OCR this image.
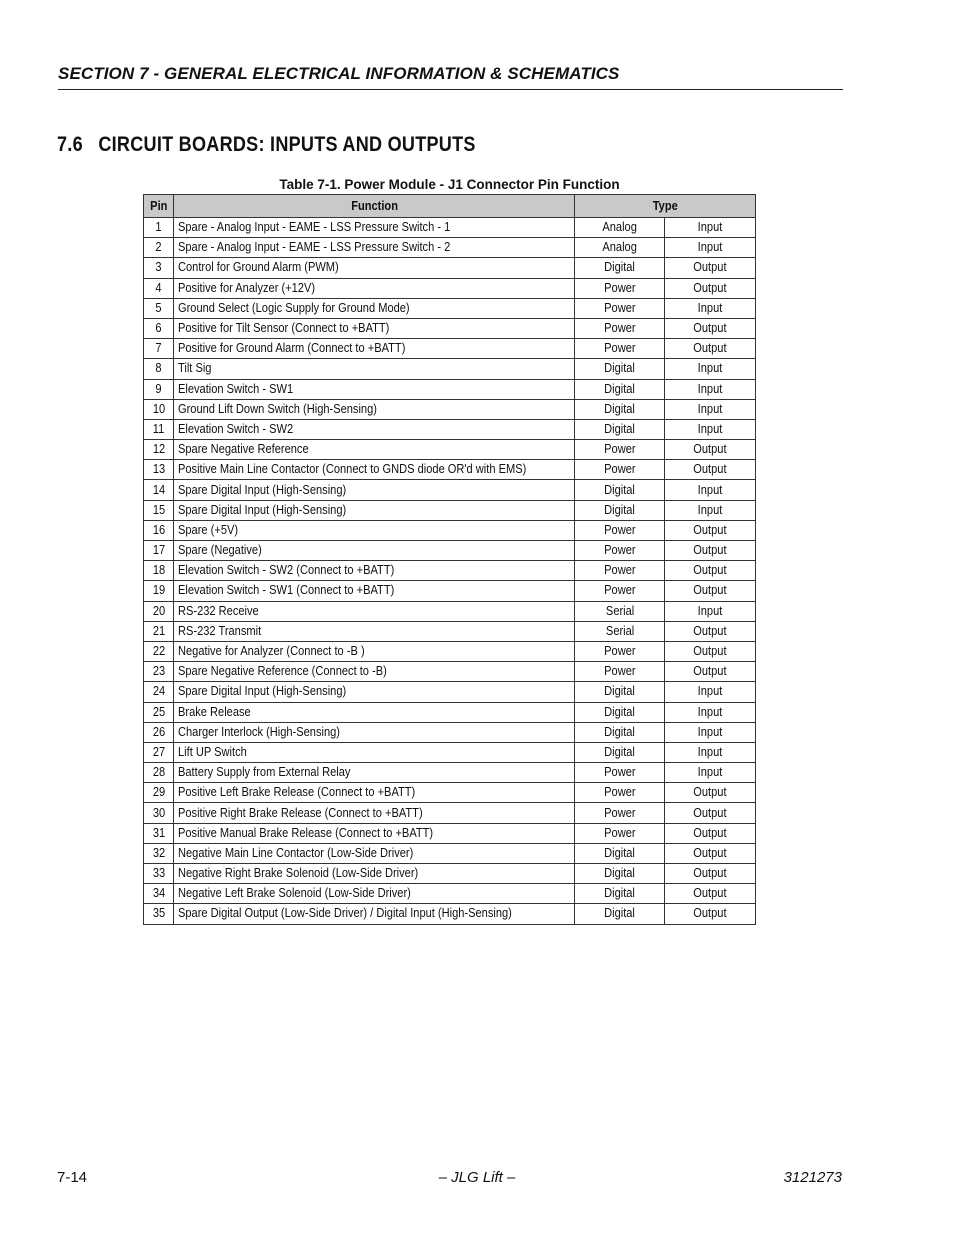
SECTION 7 - GENERAL ELECTRICAL INFORMATION & SCHEMATICS
7.6 CIRCUIT BOARDS: INPUTS AND OUTPUTS
Table 7-1. Power Module - J1 Connector Pin Function
Pin	Function	Type	
1	Spare - Analog Input - EAME - LSS Pressure Switch - 1	Analog	Input
2	Spare - Analog Input - EAME - LSS Pressure Switch - 2	Analog	Input
3	Control for Ground Alarm (PWM)	Digital	Output
4	Positive for Analyzer (+12V)	Power	Output
5	Ground Select (Logic Supply for Ground Mode)	Power	Input
6	Positive for Tilt Sensor (Connect to +BATT)	Power	Output
7	Positive for Ground Alarm (Connect to +BATT)	Power	Output
8	Tilt Sig	Digital	Input
9	Elevation Switch - SW1	Digital	Input
10	Ground Lift Down Switch (High-Sensing)	Digital	Input
11	Elevation Switch - SW2	Digital	Input
12	Spare Negative Reference	Power	Output
13	Positive Main Line Contactor (Connect to GNDS diode OR'd with EMS)	Power	Output
14	Spare Digital Input (High-Sensing)	Digital	Input
15	Spare Digital Input (High-Sensing)	Digital	Input
16	Spare (+5V)	Power	Output
17	Spare (Negative)	Power	Output
18	Elevation Switch - SW2 (Connect to +BATT)	Power	Output
19	Elevation Switch - SW1 (Connect to +BATT)	Power	Output
20	RS-232 Receive	Serial	Input
21	RS-232 Transmit	Serial	Output
22	Negative for Analyzer (Connect to -B )	Power	Output
23	Spare Negative Reference (Connect to -B)	Power	Output
24	Spare Digital Input (High-Sensing)	Digital	Input
25	Brake Release	Digital	Input
26	Charger Interlock (High-Sensing)	Digital	Input
27	Lift UP Switch	Digital	Input
28	Battery Supply from External Relay	Power	Input
29	Positive Left Brake Release (Connect to +BATT)	Power	Output
30	Positive Right Brake Release (Connect to +BATT)	Power	Output
31	Positive Manual Brake Release (Connect to +BATT)	Power	Output
32	Negative Main Line Contactor (Low-Side Driver)	Digital	Output
33	Negative Right Brake Solenoid (Low-Side Driver)	Digital	Output
34	Negative Left Brake Solenoid (Low-Side Driver)	Digital	Output
35	Spare Digital Output (Low-Side Driver) / Digital Input (High-Sensing)	Digital	Output
7-14	– JLG Lift –	3121273
